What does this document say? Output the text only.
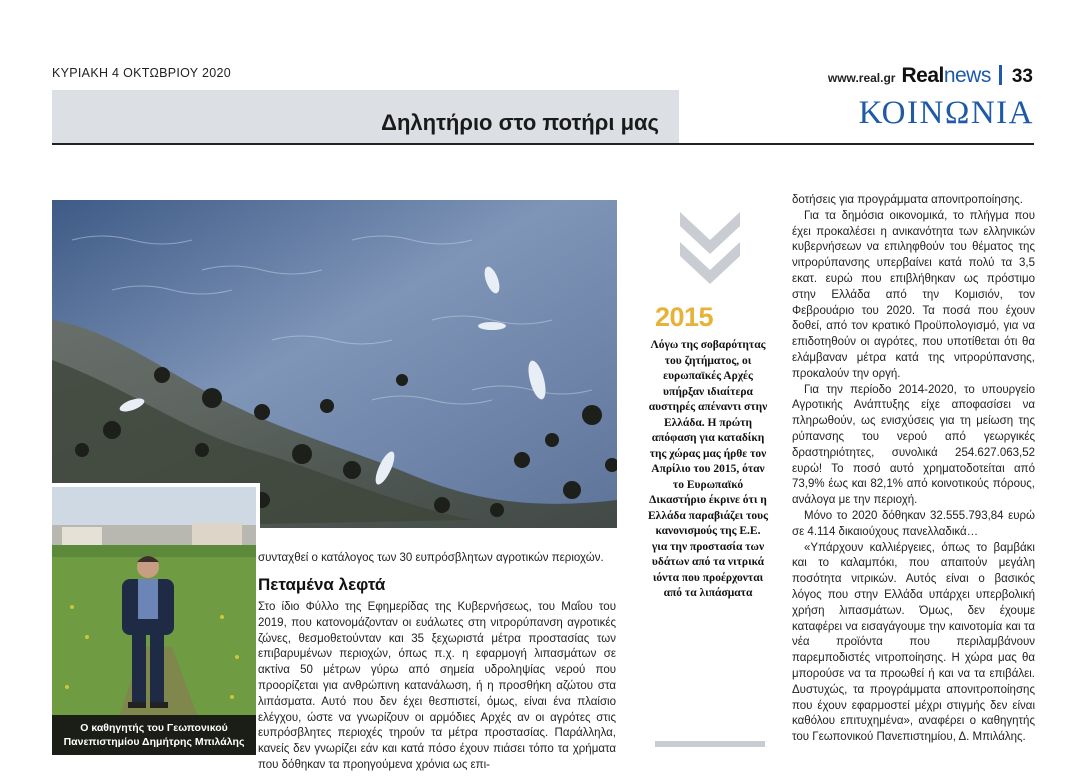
ΚΥΡΙΑΚΗ 4 ΟΚΤΩΒΡΙΟΥ 2020	www.real.gr Realnews 33
Δηλητήριο στο ποτήρι μας	ΚΟΙΝΩΝΙΑ
Ο καθηγητής του Γεωπονικού Πανεπιστημίου Δημήτρης Μπιλάλης
συνταχθεί ο κατάλογος των 30 ευπρόσβλητων αγροτικών περιοχών.
Πεταμένα λεφτά
Στο ίδιο Φύλλο της Εφημερίδας της Κυβερνήσεως, του Μαΐου του 2019, που κατονομάζονταν οι ευάλωτες στη νιτρορύπανση αγροτικές ζώνες, θεσμοθετούνταν και 35 ξεχωριστά μέτρα προστασίας των επιβαρυμένων περιοχών, όπως π.χ. η εφαρμογή λιπασμάτων σε ακτίνα 50 μέτρων γύρω από σημεία υδροληψίας νερού που προορίζεται για ανθρώπινη κατανάλωση, ή η προσθήκη αζώτου στα λιπάσματα. Αυτό που δεν έχει θεσπιστεί, όμως, είναι ένα πλαίσιο ελέγχου, ώστε να γνωρίζουν οι αρμόδιες Αρχές αν οι αγρότες στις ευπρόσβλητες περιοχές τηρούν τα μέτρα προστασίας. Παράλληλα, κανείς δεν γνωρίζει εάν και κατά πόσο έχουν πιάσει τόπο τα χρήματα που δόθηκαν τα προηγούμενα χρόνια ως επι-
2015
Λόγω της σοβαρότητας του ζητήματος, οι ευρωπαϊκές Αρχές υπήρξαν ιδιαίτερα αυστηρές απέναντι στην Ελλάδα. Η πρώτη απόφαση για καταδίκη της χώρας μας ήρθε τον Απρίλιο του 2015, όταν το Ευρωπαϊκό Δικαστήριο έκρινε ότι η Ελλάδα παραβιάζει τους κανονισμούς της Ε.Ε. για την προστασία των υδάτων από τα νιτρικά ιόντα που προέρχονται από τα λιπάσματα

δοτήσεις για προγράμματα απονιτροποίησης.

Για τα δημόσια οικονομικά, το πλήγμα που έχει προκαλέσει η ανικανότητα των ελληνικών κυβερνήσεων να επιληφθούν του θέματος της νιτρορύπανσης υπερβαίνει κατά πολύ τα 3,5 εκατ. ευρώ που επιβλήθηκαν ως πρόστιμο στην Ελλάδα από την Κομισιόν, τον Φεβρουάριο του 2020. Τα ποσά που έχουν δοθεί, από τον κρατικό Προϋπολογισμό, για να επιδοτηθούν οι αγρότες, που υποτίθεται ότι θα ελάμβαναν μέτρα κατά της νιτρορύπανσης, προκαλούν την οργή.

Για την περίοδο 2014-2020, το υπουργείο Αγροτικής Ανάπτυξης είχε αποφασίσει να πληρωθούν, ως ενισχύσεις για τη μείωση της ρύπανσης του νερού από γεωργικές δραστηριότητες, συνολικά 254.627.063,52 ευρώ! Το ποσό αυτό χρηματοδοτείται από 73,9% έως και 82,1% από κοινοτικούς πόρους, ανάλογα με την περιοχή.

Μόνο το 2020 δόθηκαν 32.555.793,84 ευρώ σε 4.114 δικαιούχους πανελλαδικά…

«Υπάρχουν καλλιέργειες, όπως το βαμβάκι και το καλαμπόκι, που απαιτούν μεγάλη ποσότητα νιτρικών. Αυτός είναι ο βασικός λόγος που στην Ελλάδα υπάρχει υπερβολική χρήση λιπασμάτων. Όμως, δεν έχουμε καταφέρει να εισαγάγουμε την καινοτομία και τα νέα προϊόντα που περιλαμβάνουν παρεμποδιστές νιτροποίησης. Η χώρα μας θα μπορούσε να τα προωθεί ή και να τα επιβάλει. Δυστυχώς, τα προγράμματα απονιτροποίησης που έχουν εφαρμοστεί μέχρι στιγμής δεν είναι καθόλου επιτυχημένα», αναφέρει ο καθηγητής του Γεωπονικού Πανεπιστημίου, Δ. Μπιλάλης.
